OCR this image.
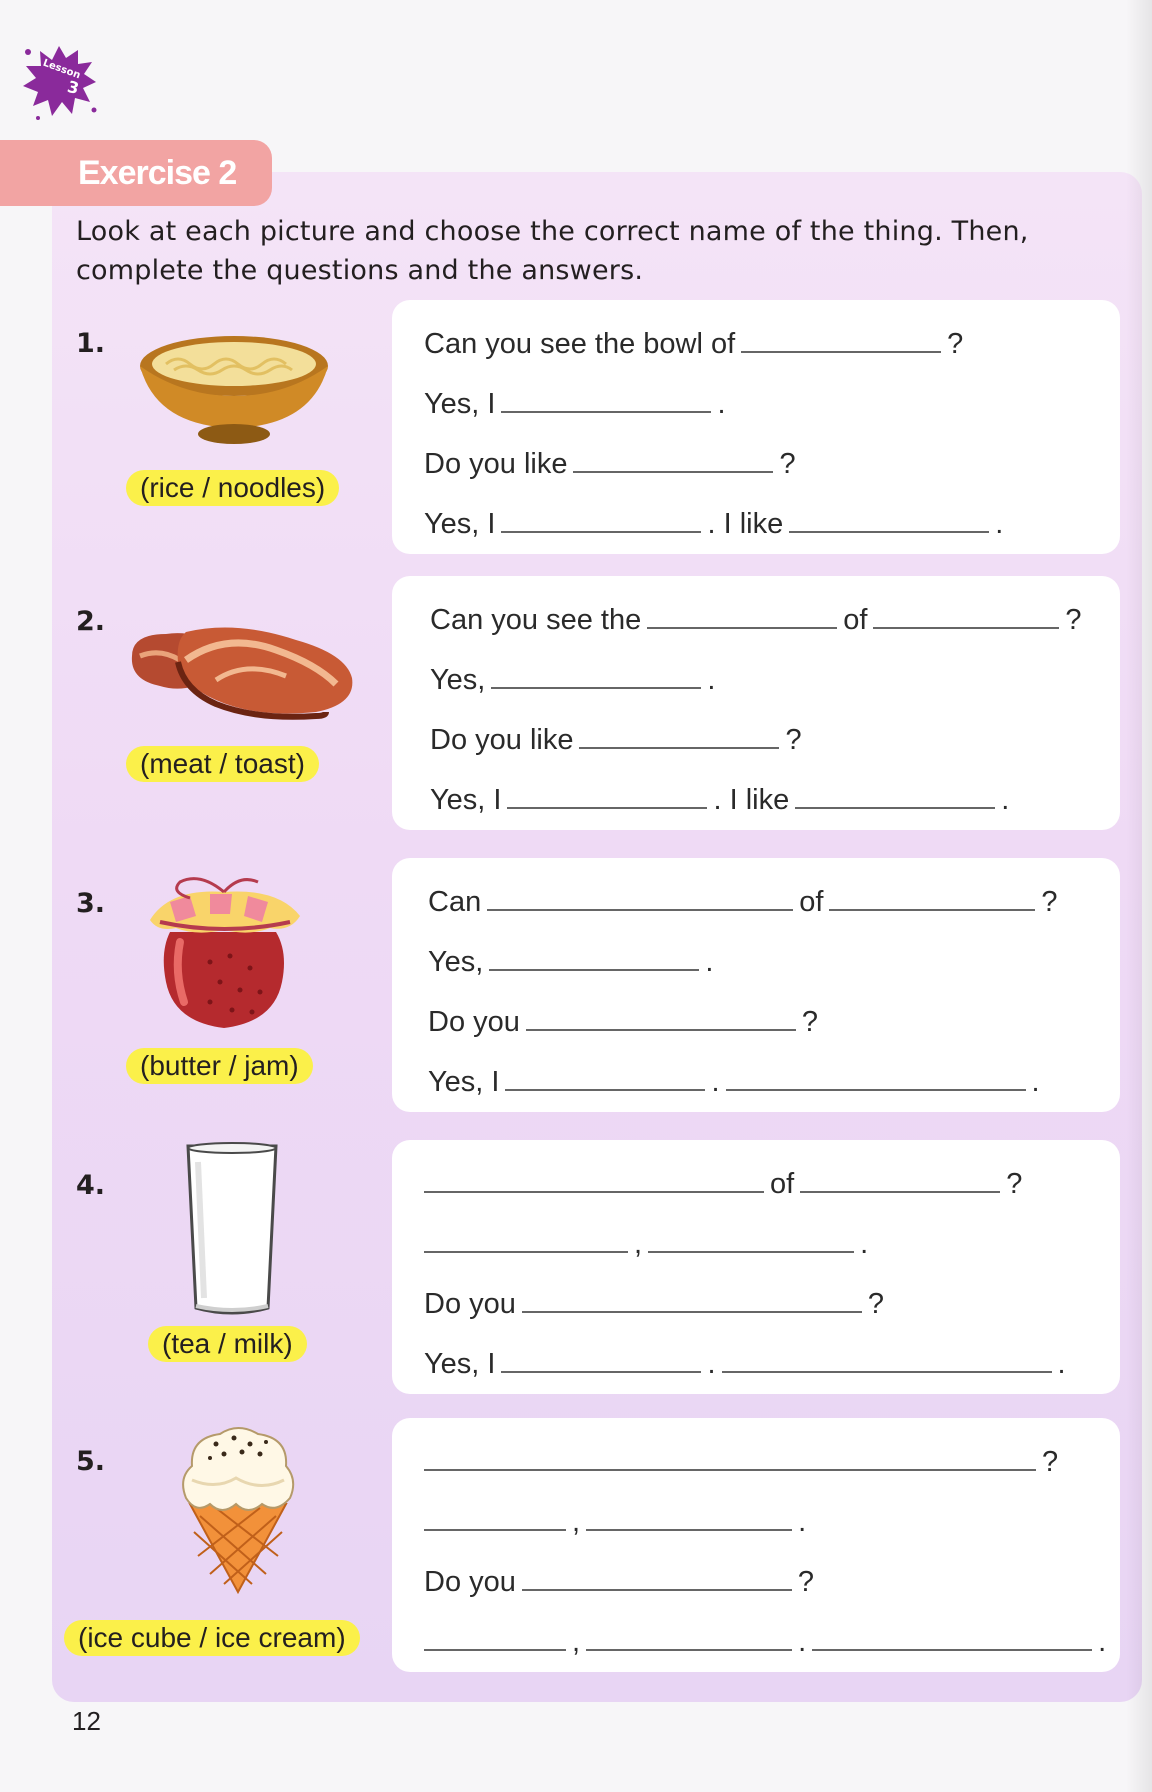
Lesson
3
Exercise 2
Look at each picture and choose the correct name of the thing. Then, complete the questions and the answers.
1.
(rice / noodles)
Can you see the bowl of	?
Yes, I	.
Do you like	?
Yes, I	. I like	.
2.
(meat / toast)
Can you see the	of	?
Yes,	.
Do you like	?
Yes, I	. I like	.
3.
(butter / jam)
Can	of	?
Yes,	.
Do you	?
Yes, I	.	.
4.
(tea / milk)
of	?
,	.
Do you	?
Yes, I	.	.
5.
(ice cube / ice cream)
?
,	.
Do you	?
,	.	.
12
